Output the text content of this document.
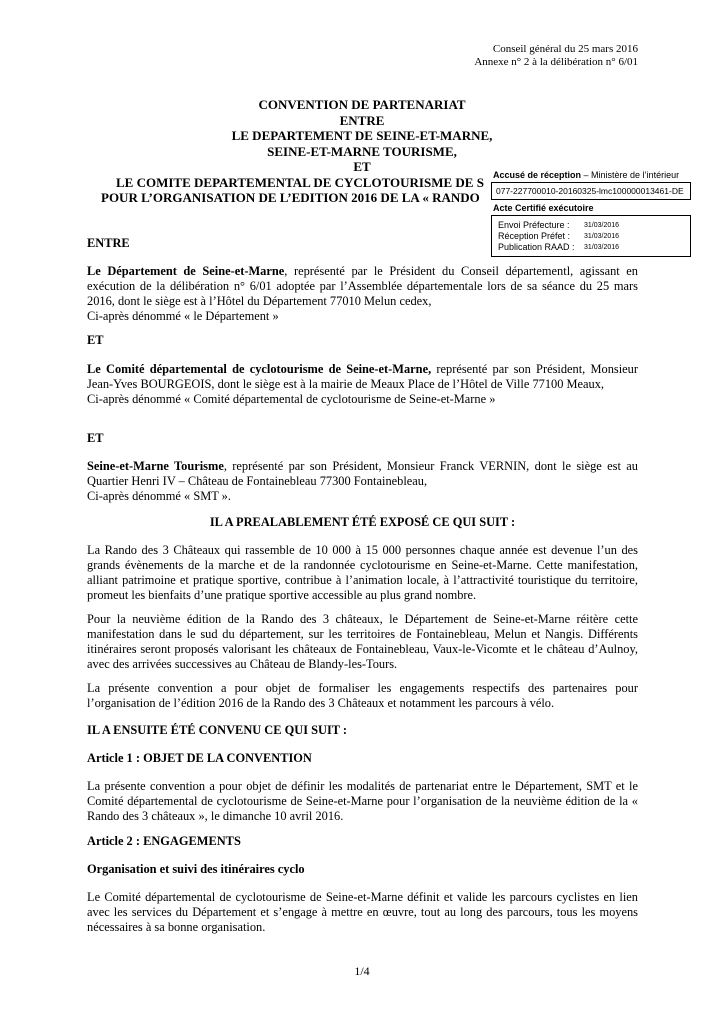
Conseil général du 25 mars 2016
Annexe n° 2 à la délibération n° 6/01
CONVENTION DE PARTENARIAT
ENTRE
LE DEPARTEMENT DE SEINE-ET-MARNE,
SEINE-ET-MARNE TOURISME,
ET
LE COMITE DEPARTEMENTAL DE CYCLOTOURISME DE S
POUR L’ORGANISATION DE L’EDITION 2016 DE LA « RANDO
Accusé de réception – Ministère de l’intérieur
077-227700010-20160325-lmc100000013461-DE
Acte Certifié exécutoire
Envoi Préfecture :	31/03/2016
Réception Préfet :	31/03/2016
Publication RAAD :	31/03/2016

ENTRE

Le Département de Seine-et-Marne, représenté par le Président du Conseil départementl, agissant en exécution de la délibération n° 6/01 adoptée par l’Assemblée départementale lors de sa séance du 25 mars 2016, dont le siège est à l’Hôtel du Département 77010 Melun cedex,

Ci-après dénommé « le Département »

ET

Le Comité départemental de cyclotourisme de Seine-et-Marne, représenté par son Président, Monsieur Jean-Yves BOURGEOIS, dont le siège est à la mairie de Meaux Place de l’Hôtel de Ville 77100 Meaux,

Ci-après dénommé « Comité départemental de cyclotourisme de Seine-et-Marne »

ET

Seine-et-Marne Tourisme, représenté par son Président, Monsieur Franck VERNIN, dont le siège est au Quartier Henri IV – Château de Fontainebleau 77300 Fontainebleau,

Ci-après dénommé « SMT ».

IL A PREALABLEMENT ÉTÉ EXPOSÉ CE QUI SUIT :

La Rando des 3 Châteaux qui rassemble de 10 000 à 15 000 personnes chaque année est devenue l’un des grands évènements de la marche et de la randonnée cyclotourisme en Seine-et-Marne. Cette manifestation, alliant patrimoine et pratique sportive, contribue à l’animation locale, à l’attractivité touristique du territoire, promeut les bienfaits d’une pratique sportive accessible au plus grand nombre.

Pour la neuvième édition de la Rando des 3 châteaux, le Département de Seine-et-Marne réitère cette manifestation dans le sud du département, sur les territoires de Fontainebleau, Melun et Nangis. Différents itinéraires seront proposés valorisant les châteaux de Fontainebleau, Vaux-le-Vicomte et le château d’Aulnoy, avec des arrivées successives au Château de Blandy-les-Tours.

La présente convention a pour objet de formaliser les engagements respectifs des partenaires pour l’organisation de l’édition 2016 de la Rando des 3 Châteaux et notamment les parcours à vélo.

IL A ENSUITE ÉTÉ CONVENU CE QUI SUIT :

Article 1 : OBJET DE LA CONVENTION

La présente convention a pour objet de définir les modalités de partenariat entre le Département, SMT et le Comité départemental de cyclotourisme de Seine-et-Marne pour l’organisation de la neuvième édition de la « Rando des 3 châteaux », le dimanche 10 avril 2016.

Article 2 : ENGAGEMENTS

Organisation et suivi des itinéraires cyclo

Le Comité départemental de cyclotourisme de Seine-et-Marne définit et valide les parcours cyclistes en lien avec les services du Département et s’engage à mettre en œuvre, tout au long des parcours, tous les moyens nécessaires à sa bonne organisation.

1/4
